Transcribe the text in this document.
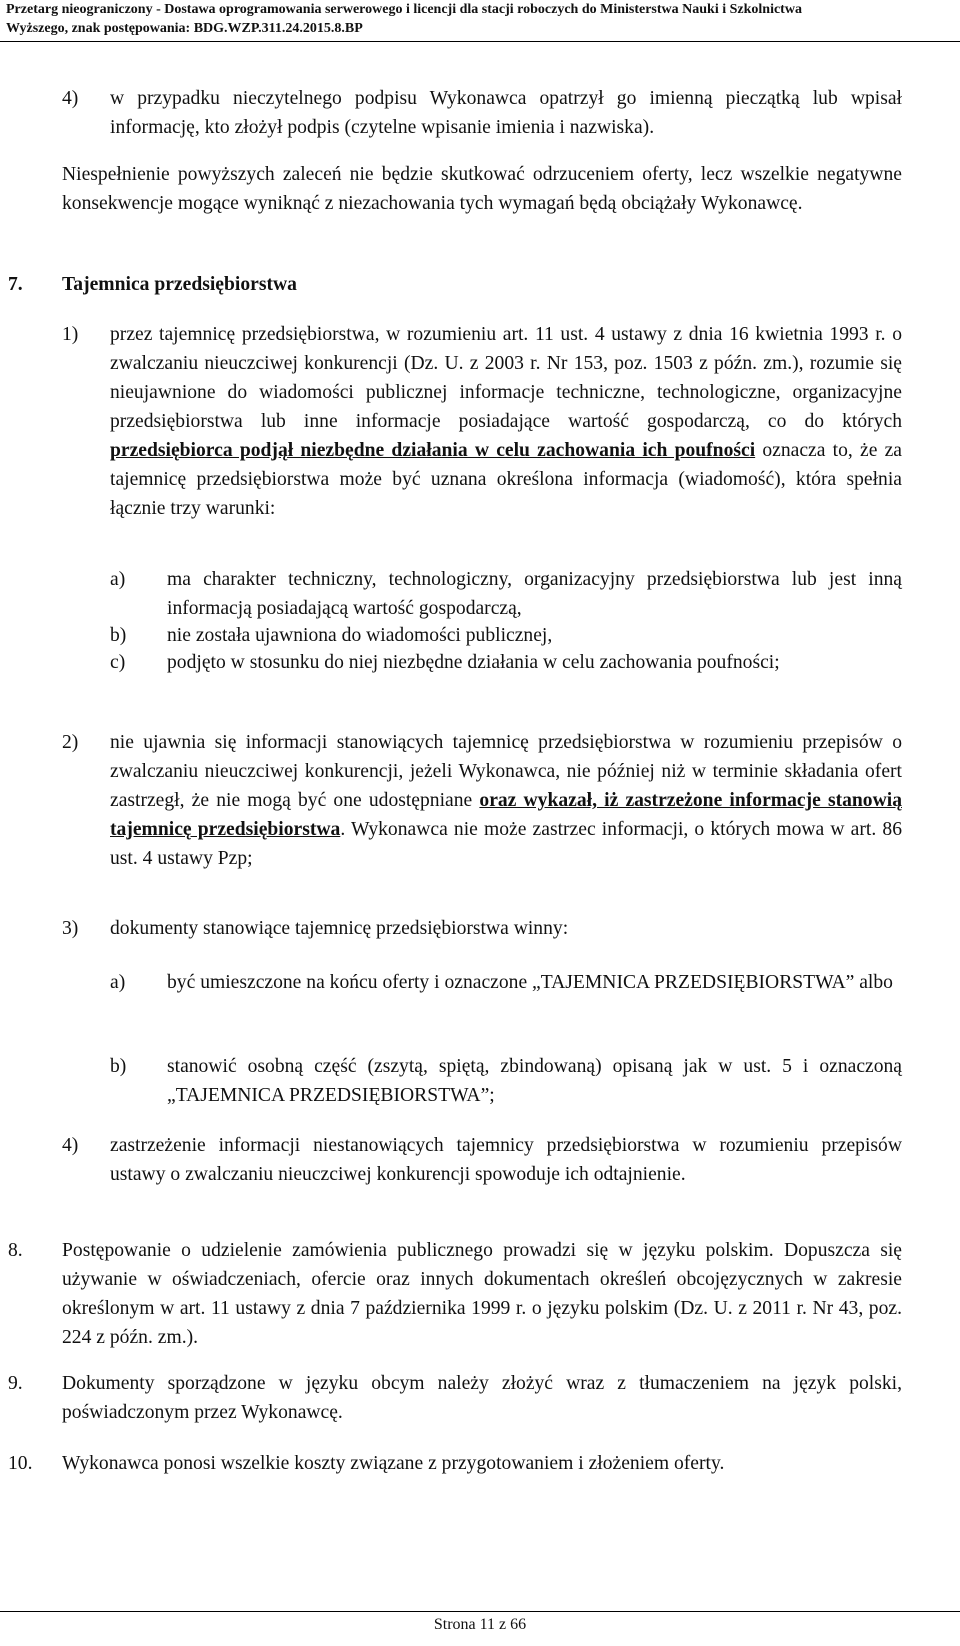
Przetarg nieograniczony - Dostawa oprogramowania serwerowego i licencji dla stacji roboczych do Ministerstwa Nauki i Szkolnictwa
Wyższego, znak postępowania: BDG.WZP.311.24.2015.8.BP
4) w przypadku nieczytelnego podpisu Wykonawca opatrzył go imienną pieczątką lub wpisał informację, kto złożył podpis (czytelne wpisanie imienia i nazwiska).
Niespełnienie powyższych zaleceń nie będzie skutkować odrzuceniem oferty, lecz wszelkie negatywne konsekwencje mogące wyniknąć z niezachowania tych wymagań będą obciążały Wykonawcę.
7. Tajemnica przedsiębiorstwa
1) przez tajemnicę przedsiębiorstwa, w rozumieniu art. 11 ust. 4 ustawy z dnia 16 kwietnia 1993 r. o zwalczaniu nieuczciwej konkurencji (Dz. U. z 2003 r. Nr 153, poz. 1503 z późn. zm.), rozumie się nieujawnione do wiadomości publicznej informacje techniczne, technologiczne, organizacyjne przedsiębiorstwa lub inne informacje posiadające wartość gospodarczą, co do których przedsiębiorca podjął niezbędne działania w celu zachowania ich poufności oznacza to, że za tajemnicę przedsiębiorstwa może być uznana określona informacja (wiadomość), która spełnia łącznie trzy warunki:
a) ma charakter techniczny, technologiczny, organizacyjny przedsiębiorstwa lub jest inną informacją posiadającą wartość gospodarczą,
b) nie została ujawniona do wiadomości publicznej,
c) podjęto w stosunku do niej niezbędne działania w celu zachowania poufności;
2) nie ujawnia się informacji stanowiących tajemnicę przedsiębiorstwa w rozumieniu przepisów o zwalczaniu nieuczciwej konkurencji, jeżeli Wykonawca, nie później niż w terminie składania ofert zastrzegł, że nie mogą być one udostępniane oraz wykazał, iż zastrzeżone informacje stanowią tajemnicę przedsiębiorstwa. Wykonawca nie może zastrzec informacji, o których mowa w art. 86 ust. 4 ustawy Pzp;
3) dokumenty stanowiące tajemnicę przedsiębiorstwa winny:
a) być umieszczone na końcu oferty i oznaczone „TAJEMNICA PRZEDSIĘBIORSTWA” albo
b) stanowić osobną część (zszytą, spiętą, zbindowaną) opisaną jak w ust. 5 i oznaczoną „TAJEMNICA PRZEDSIĘBIORSTWA”;
4) zastrzeżenie informacji niestanowiących tajemnicy przedsiębiorstwa w rozumieniu przepisów ustawy o zwalczaniu nieuczciwej konkurencji spowoduje ich odtajnienie.
8. Postępowanie o udzielenie zamówienia publicznego prowadzi się w języku polskim. Dopuszcza się używanie w oświadczeniach, ofercie oraz innych dokumentach określeń obcojęzycznych w zakresie określonym w art. 11 ustawy z dnia 7 października 1999 r. o języku polskim (Dz. U. z 2011 r. Nr 43, poz. 224 z późn. zm.).
9. Dokumenty sporządzone w języku obcym należy złożyć wraz z tłumaczeniem na język polski, poświadczonym przez Wykonawcę.
10. Wykonawca ponosi wszelkie koszty związane z przygotowaniem i złożeniem oferty.
Strona 11 z 66
